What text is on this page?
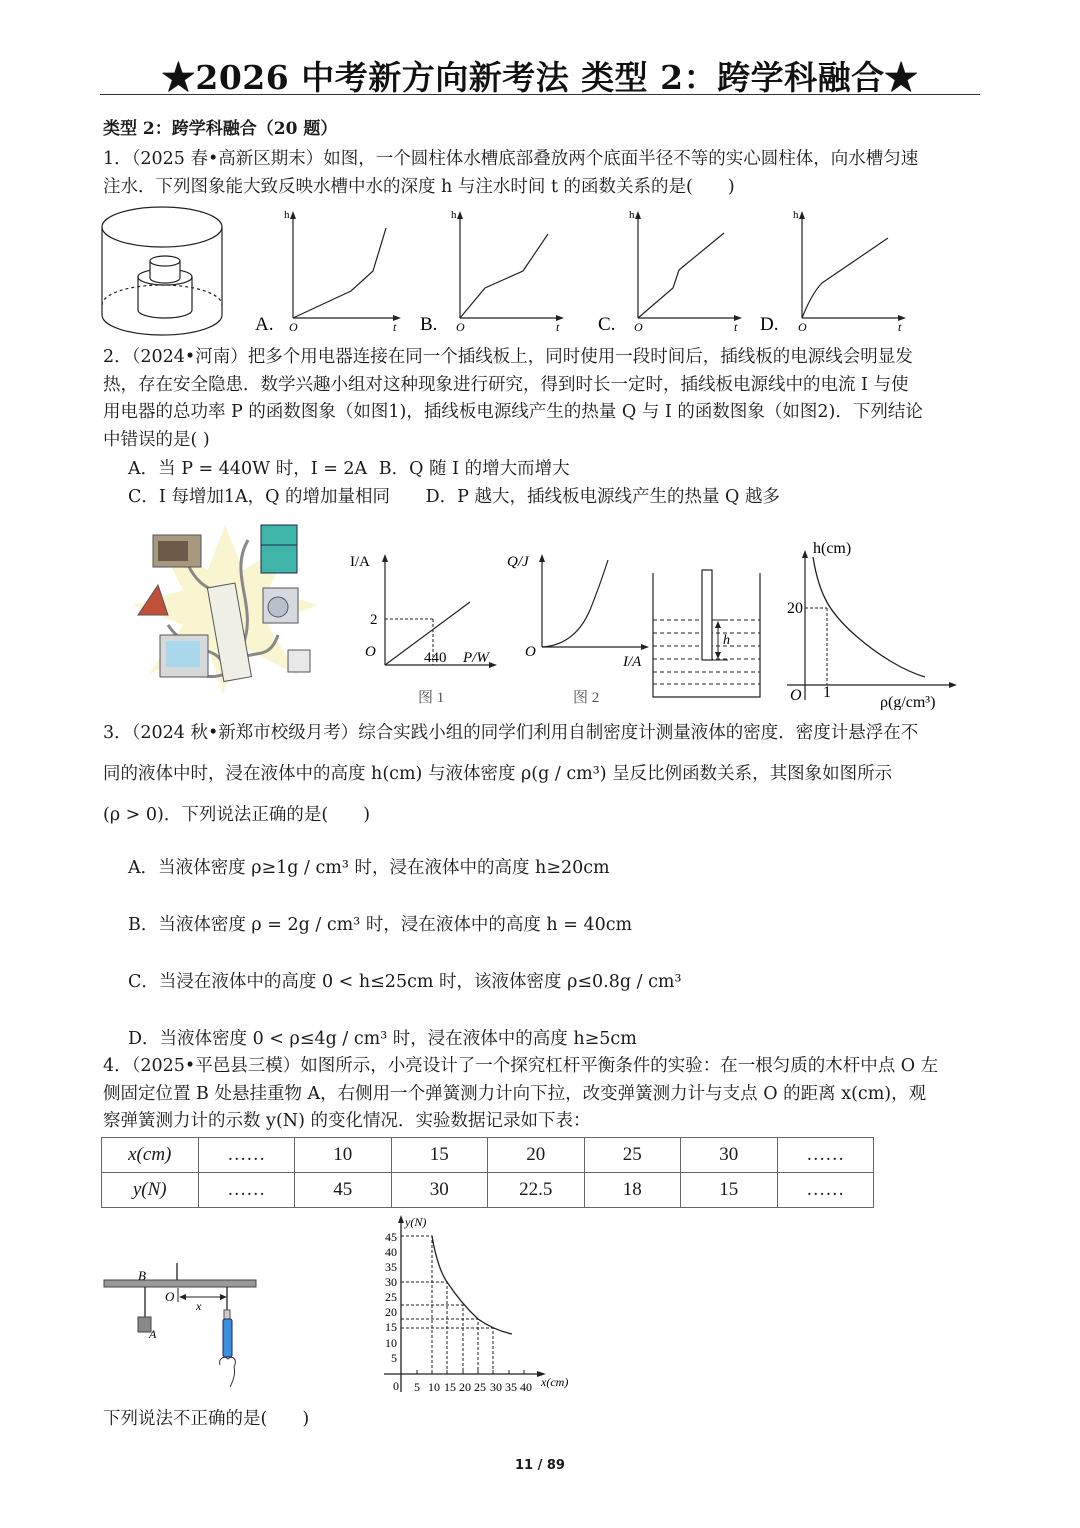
★2026 中考新方向新考法 类型 2：跨学科融合★
类型 2：跨学科融合（20 题）
1．（2025 春•高新区期末）如图，一个圆柱体水槽底部叠放两个底面半径不等的实心圆柱体，向水槽匀速
注水．下列图象能大致反映水槽中水的深度 h 与注水时间 t 的函数关系的是(　　)
A.
h
O	t B.
h
O	t C.
h
O	t D.
h
O	t
2．（2024•河南）把多个用电器连接在同一个插线板上，同时使用一段时间后，插线板的电源线会明显发
热，存在安全隐患．数学兴趣小组对这种现象进行研究，得到时长一定时，插线板电源线中的电流 I 与使
用电器的总功率 P 的函数图象（如图1)，插线板电源线产生的热量 Q 与 I 的函数图象（如图2)．下列结论
中错误的是( )
A．当 P = 440W 时，I = 2A B．Q 随 I 的增大而增大
C．I 每增加1A，Q 的增加量相同 D．P 越大，插线板电源线产生的热量 Q 越多
I/A
O
2
440 P/W
图 1
Q/J
O
I/A
图 2
h
h(cm)
O 1
20
ρ(g/cm³)
3．（2024 秋•新郑市校级月考）综合实践小组的同学们利用自制密度计测量液体的密度．密度计悬浮在不
同的液体中时，浸在液体中的高度 h(cm) 与液体密度 ρ(g / cm³) 呈反比例函数关系，其图象如图所示
(ρ > 0)．下列说法正确的是(　　)
A．当液体密度 ρ≥1g / cm³ 时，浸在液体中的高度 h≥20cm
B．当液体密度 ρ = 2g / cm³ 时，浸在液体中的高度 h = 40cm
C．当浸在液体中的高度 0 < h≤25cm 时，该液体密度 ρ≤0.8g / cm³
D．当液体密度 0 < ρ≤4g / cm³ 时，浸在液体中的高度 h≥5cm
4．（2025•平邑县三模）如图所示，小亮设计了一个探究杠杆平衡条件的实验：在一根匀质的木杆中点 O 左
侧固定位置 B 处悬挂重物 A，右侧用一个弹簧测力计向下拉，改变弹簧测力计与支点 O 的距离 x(cm)，观
察弹簧测力计的示数 y(N) 的变化情况．实验数据记录如下表：
x(cm)	……	10	15	20	25	30	……
y(N)	……	45	30	22.5	18	15	……
B
O
A
x
y(N)
x(cm)
5
10
15
20
25
30
35
40
45
0 5 10 15 20 25 30 35 40
下列说法不正确的是(　　)
11 / 89
